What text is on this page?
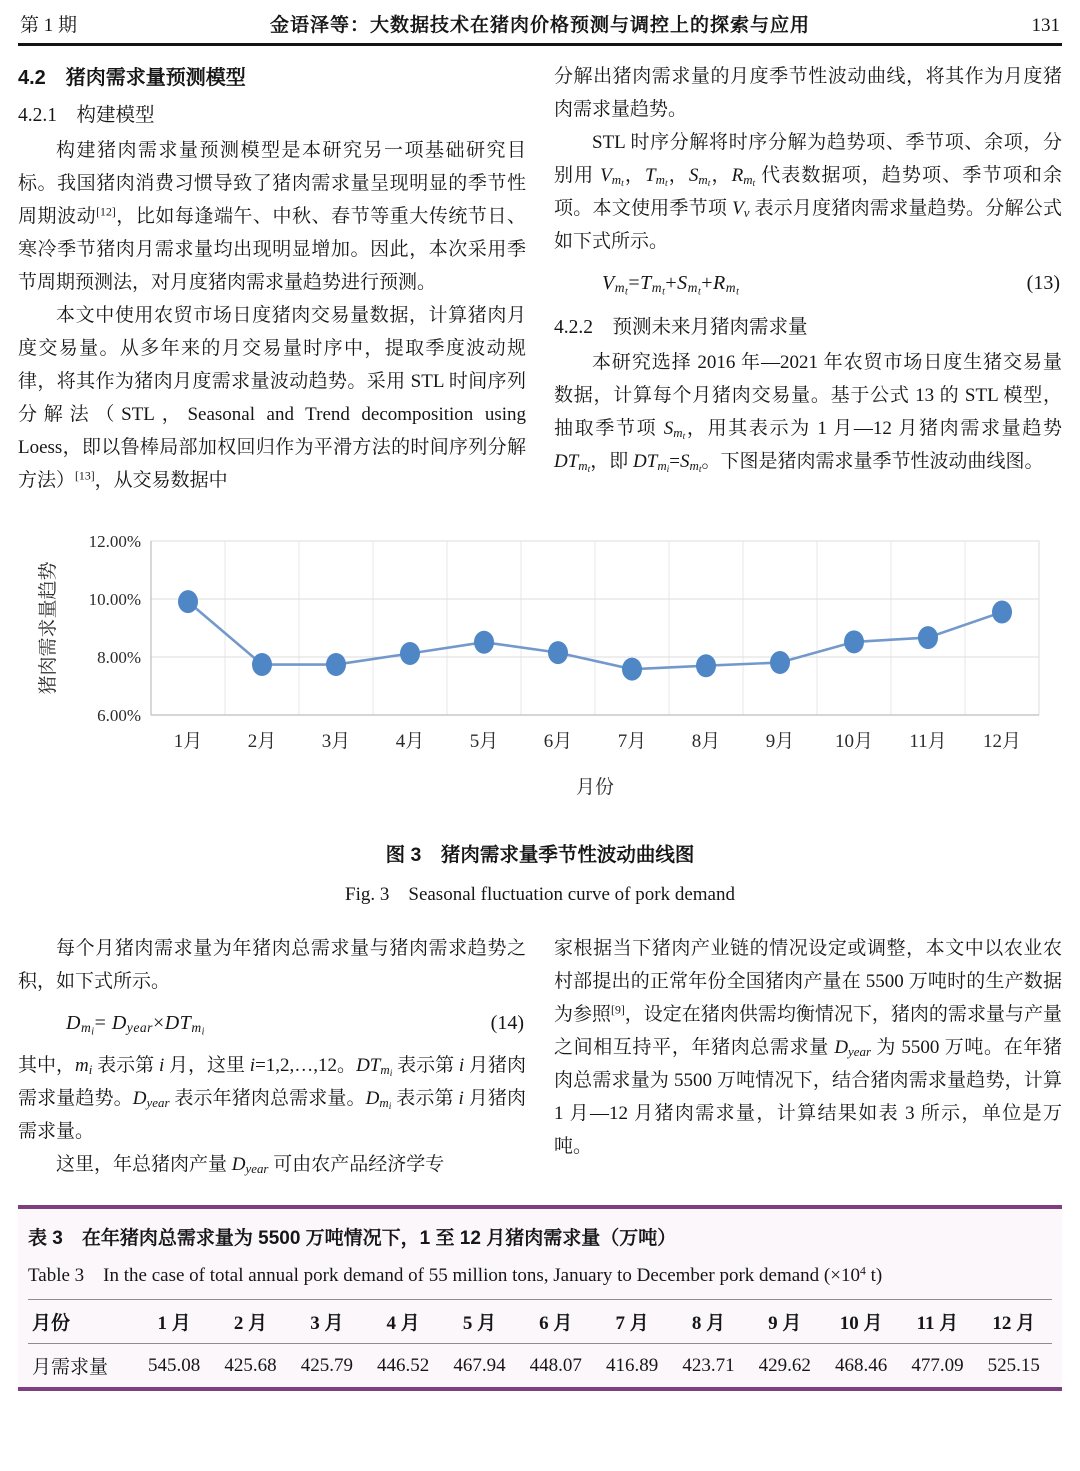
第 1 期	金语泽等：大数据技术在猪肉价格预测与调控上的探索与应用	131
4.2　猪肉需求量预测模型
4.2.1　构建模型

构建猪肉需求量预测模型是本研究另一项基础研究目标。我国猪肉消费习惯导致了猪肉需求量呈现明显的季节性周期波动[12]，比如每逢端午、中秋、春节等重大传统节日、寒冷季节猪肉月需求量均出现明显增加。因此，本次采用季节周期预测法，对月度猪肉需求量趋势进行预测。

本文中使用农贸市场日度猪肉交易量数据，计算猪肉月度交易量。从多年来的月交易量时序中，提取季度波动规律，将其作为猪肉月度需求量波动趋势。采用 STL 时间序列分解法（STL，Seasonal and Trend decomposition using Loess，即以鲁棒局部加权回归作为平滑方法的时间序列分解方法）[13]，从交易数据中

分解出猪肉需求量的月度季节性波动曲线，将其作为月度猪肉需求量趋势。

STL 时序分解将时序分解为趋势项、季节项、余项，分别用 $Vm_t$，$Tm_t$，$Sm_t$，$Rm_t$ 代表数据项，趋势项、季节项和余项。本文使用季节项 Vv 表示月度猪肉需求量趋势。分解公式如下式所示。

$Vm_t=Tm_t+Sm_t+Rm_t$	(13)
4.2.2　预测未来月猪肉需求量

本研究选择 2016 年—2021 年农贸市场日度生猪交易量数据，计算每个月猪肉交易量。基于公式 13 的 STL 模型，抽取季节项 $Sm_t$，用其表示为 1 月—12 月猪肉需求量趋势 DTm$_t$，即 $DTm_i=Sm_t$。下图是猪肉需求量季节性波动曲线图。

6.00%
8.00%
10.00%
12.00%
1月 2月 3月 4月 5月 6月 7月 8月 9月 10月 11月 12月
猪肉需求量趋势
月份
图 3　猪肉需求量季节性波动曲线图
Fig. 3　Seasonal fluctuation curve of pork demand

每个月猪肉需求量为年猪肉总需求量与猪肉需求趋势之积，如下式所示。

$Dm_i=$ Dyear×DTm$_i$	(14)

其中，mi 表示第 i 月，这里 i=1,2,…,12。DTm$_i$ 表示第 i 月猪肉需求量趋势。Dyear 表示年猪肉总需求量。$Dm_i$ 表示第 i 月猪肉需求量。

这里，年总猪肉产量 Dyear 可由农产品经济学专

家根据当下猪肉产业链的情况设定或调整，本文中以农业农村部提出的正常年份全国猪肉产量在 5500 万吨时的生产数据为参照[9]，设定在猪肉供需均衡情况下，猪肉的需求量与产量之间相互持平，年猪肉总需求量 Dyear 为 5500 万吨。在年猪肉总需求量为 5500 万吨情况下，结合猪肉需求量趋势，计算 1 月—12 月猪肉需求量，计算结果如表 3 所示，单位是万吨。

表 3　在年猪肉总需求量为 5500 万吨情况下，1 至 12 月猪肉需求量（万吨）
Table 3　In the case of total annual pork demand of 55 million tons, January to December pork demand ($\times 10^4$ t)
月份	1 月	2 月	3 月	4 月	5 月	6 月	7 月	8 月	9 月	10 月	11 月	12 月
月需求量	545.08	425.68	425.79	446.52	467.94	448.07	416.89	423.71	429.62	468.46	477.09	525.15
